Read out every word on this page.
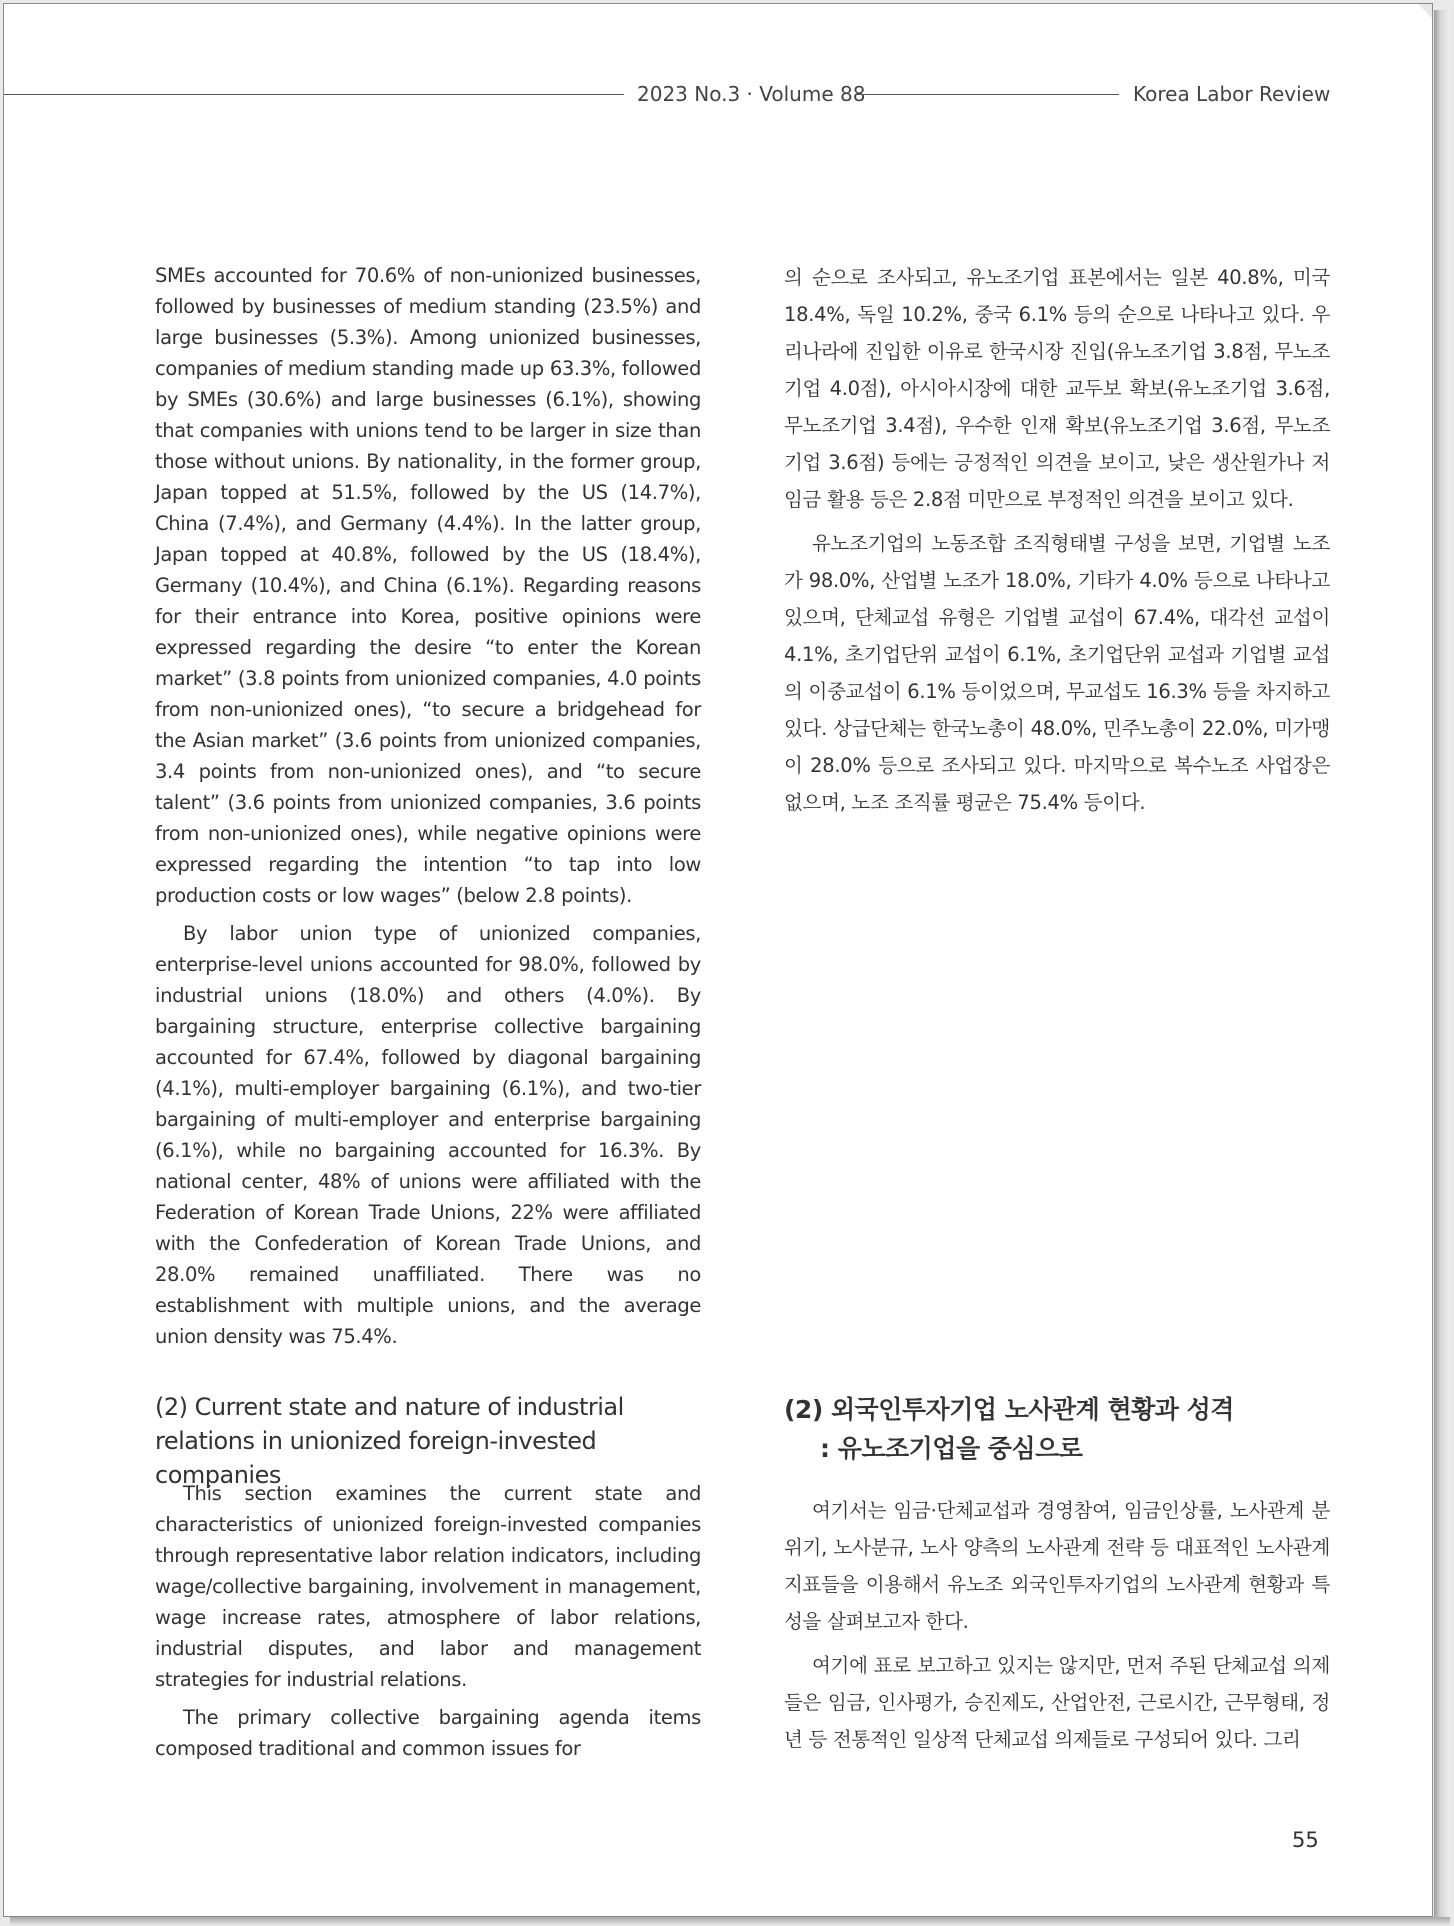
2023 No.3 · Volume 88	Korea Labor Review

SMEs accounted for 70.6% of non-unionized businesses, followed by businesses of medium standing (23.5%) and large businesses (5.3%). Among unionized businesses, companies of medium standing made up 63.3%, followed by SMEs (30.6%) and large businesses (6.1%), showing that companies with unions tend to be larger in size than those without unions. By nationality, in the former group, Japan topped at 51.5%, followed by the US (14.7%), China (7.4%), and Germany (4.4%). In the latter group, Japan topped at 40.8%, followed by the US (18.4%), Germany (10.4%), and China (6.1%). Regarding reasons for their entrance into Korea, positive opinions were expressed regarding the desire “to enter the Korean market” (3.8 points from unionized companies, 4.0 points from non-unionized ones), “to secure a bridgehead for the Asian market” (3.6 points from unionized companies, 3.4 points from non-unionized ones), and “to secure talent” (3.6 points from unionized companies, 3.6 points from non-unionized ones), while negative opinions were expressed regarding the intention “to tap into low production costs or low wages” (below 2.8 points).

By labor union type of unionized companies, enterprise-level unions accounted for 98.0%, followed by industrial unions (18.0%) and others (4.0%). By bargaining structure, enterprise collective bargaining accounted for 67.4%, followed by diagonal bargaining (4.1%), multi-employer bargaining (6.1%), and two-tier bargaining of multi-employer and enterprise bargaining (6.1%), while no bargaining accounted for 16.3%. By national center, 48% of unions were affiliated with the Federation of Korean Trade Unions, 22% were affiliated with the Confederation of Korean Trade Unions, and 28.0% remained unaffiliated. There was no establishment with multiple unions, and the average union density was 75.4%.

(2) Current state and nature of industrial relations in unionized foreign-invested companies

This section examines the current state and characteristics of unionized foreign-invested companies through representative labor relation indicators, including wage/collective bargaining, involvement in management, wage increase rates, atmosphere of labor relations, industrial disputes, and labor and management strategies for industrial relations.

The primary collective bargaining agenda items composed traditional and common issues for

의 순으로 조사되고, 유노조기업 표본에서는 일본 40.8%, 미국 18.4%, 독일 10.2%, 중국 6.1% 등의 순으로 나타나고 있다. 우리나라에 진입한 이유로 한국시장 진입(유노조기업 3.8점, 무노조기업 4.0점), 아시아시장에 대한 교두보 확보(유노조기업 3.6점, 무노조기업 3.4점), 우수한 인재 확보(유노조기업 3.6점, 무노조기업 3.6점) 등에는 긍정적인 의견을 보이고, 낮은 생산원가나 저임금 활용 등은 2.8점 미만으로 부정적인 의견을 보이고 있다.

유노조기업의 노동조합 조직형태별 구성을 보면, 기업별 노조가 98.0%, 산업별 노조가 18.0%, 기타가 4.0% 등으로 나타나고 있으며, 단체교섭 유형은 기업별 교섭이 67.4%, 대각선 교섭이 4.1%, 초기업단위 교섭이 6.1%, 초기업단위 교섭과 기업별 교섭의 이중교섭이 6.1% 등이었으며, 무교섭도 16.3% 등을 차지하고 있다. 상급단체는 한국노총이 48.0%, 민주노총이 22.0%, 미가맹이 28.0% 등으로 조사되고 있다. 마지막으로 복수노조 사업장은 없으며, 노조 조직률 평균은 75.4% 등이다.

(2) 외국인투자기업 노사관계 현황과 성격
: 유노조기업을 중심으로

여기서는 임금·단체교섭과 경영참여, 임금인상률, 노사관계 분위기, 노사분규, 노사 양측의 노사관계 전략 등 대표적인 노사관계 지표들을 이용해서 유노조 외국인투자기업의 노사관계 현황과 특성을 살펴보고자 한다.

여기에 표로 보고하고 있지는 않지만, 먼저 주된 단체교섭 의제들은 임금, 인사평가, 승진제도, 산업안전, 근로시간, 근무형태, 정년 등 전통적인 일상적 단체교섭 의제들로 구성되어 있다. 그리

55
